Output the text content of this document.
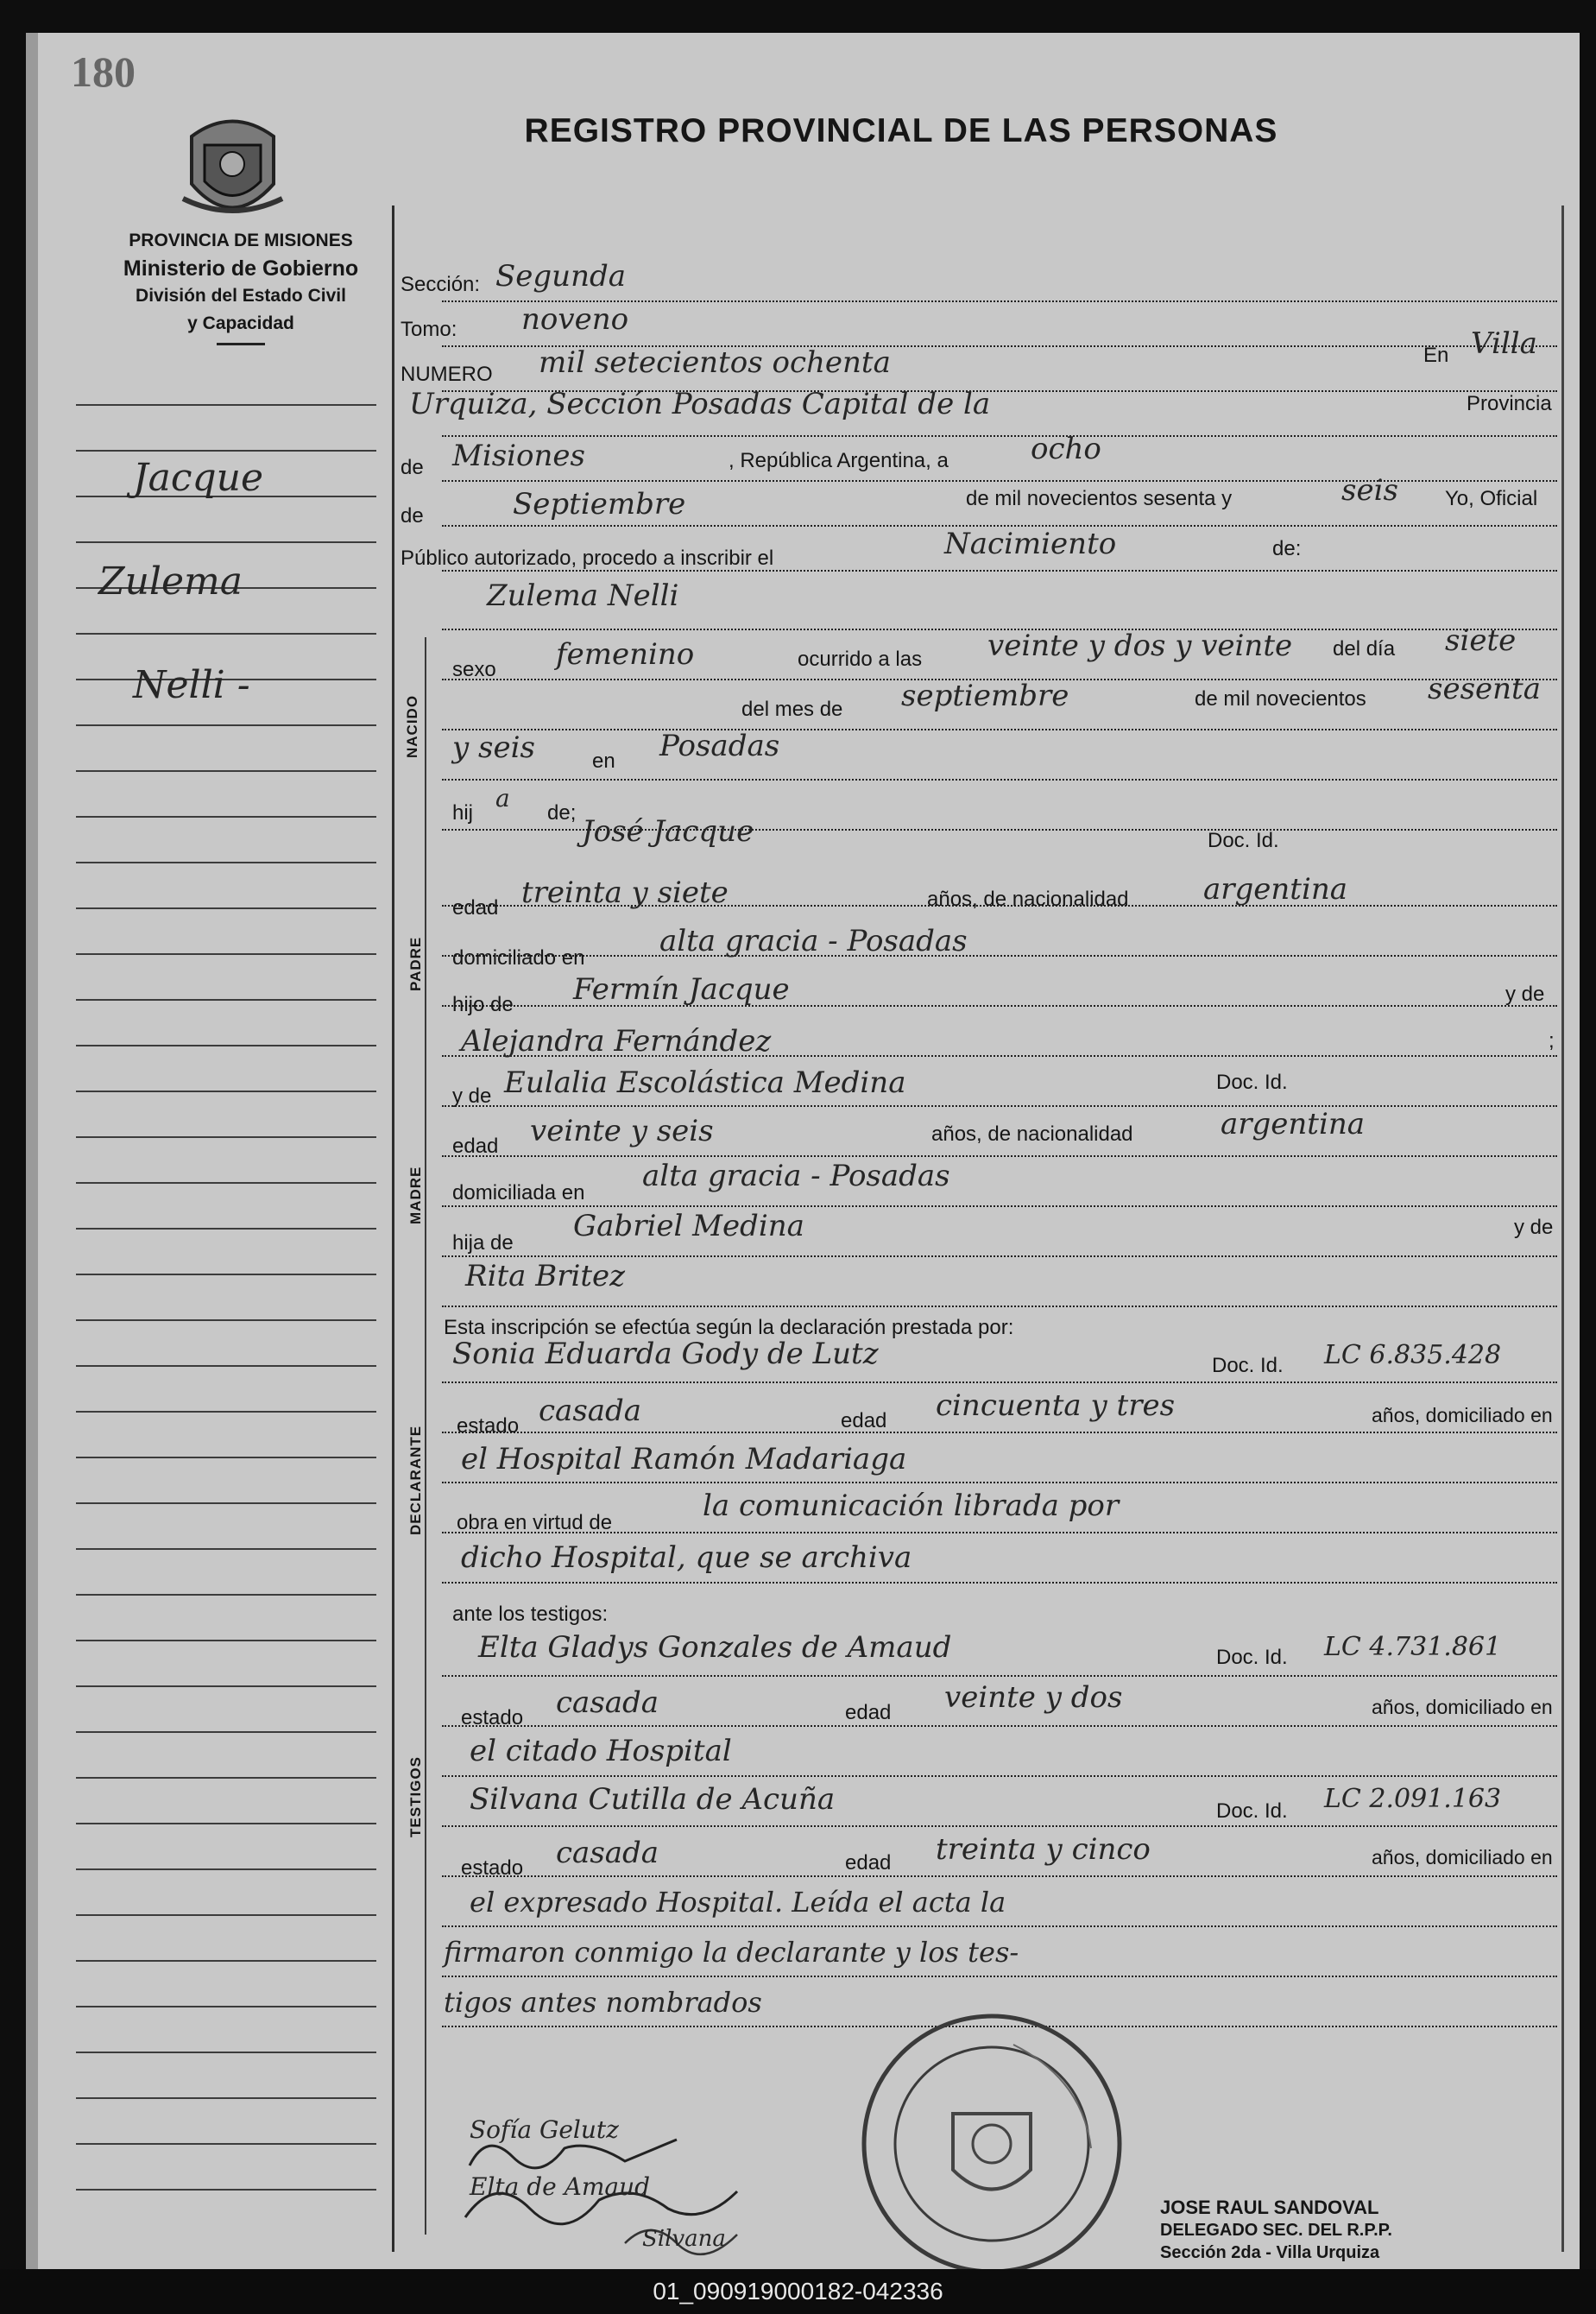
180
PROVINCIA DE MISIONES
Ministerio de Gobierno
División del Estado Civil
y Capacidad
REGISTRO PROVINCIAL DE LAS PERSONAS
Jacque
Zulema
Nelli -
Sección: Segunda
Tomo: noveno
NUMERO mil setecientos ochenta	En Villa
Urquiza, Sección Posadas Capital de la	Provincia
de Misiones	, República Argentina, a	ocho
de	Septiembre	de mil novecientos sesenta y	seis Yo, Oficial
Público autorizado, procedo a inscribir el	Nacimiento	de:
Zulema Nelli
NACIDO
sexo femenino	ocurrido a las veinte y dos y veinte del día siete
del mes de septiembre	de mil novecientos sesenta
y seis	en Posadas
hij
a
de;
PADRE
José Jacque	Doc. Id.
edad treinta y siete	años, de nacionalidad	argentina
domiciliado en	alta gracia - Posadas
hijo de Fermín Jacque	y de
Alejandra Fernández	;
MADRE
y de Eulalia Escolástica Medina	Doc. Id.
edad veinte y seis	años, de nacionalidad	argentina
domiciliada en alta gracia - Posadas
hija de Gabriel Medina	y de
Rita Britez
Esta inscripción se efectúa según la declaración prestada por:
DECLARANTE
Sonia Eduarda Gody de Lutz	Doc. Id. LC 6.835.428
estado casada	edad cincuenta y tres	años, domiciliado en
el Hospital Ramón Madariaga
obra en virtud de	la comunicación librada por
dicho Hospital, que se archiva
ante los testigos:
TESTIGOS
Elta Gladys Gonzales de Amaud	Doc. Id. LC 4.731.861
estado casada	edad veinte y dos	años, domiciliado en
el citado Hospital
Silvana Cutilla de Acuña	Doc. Id. LC 2.091.163
estado casada	edad treinta y cinco	años, domiciliado en
el expresado Hospital. Leída el acta la
firmaron conmigo la declarante y los tes-
tigos antes nombrados
Sofía Gelutz
Elta de Amaud
Silvana
JOSE RAUL SANDOVAL
DELEGADO SEC. DEL R.P.P.
Sección 2da - Villa Urquiza
01_090919000182-042336
